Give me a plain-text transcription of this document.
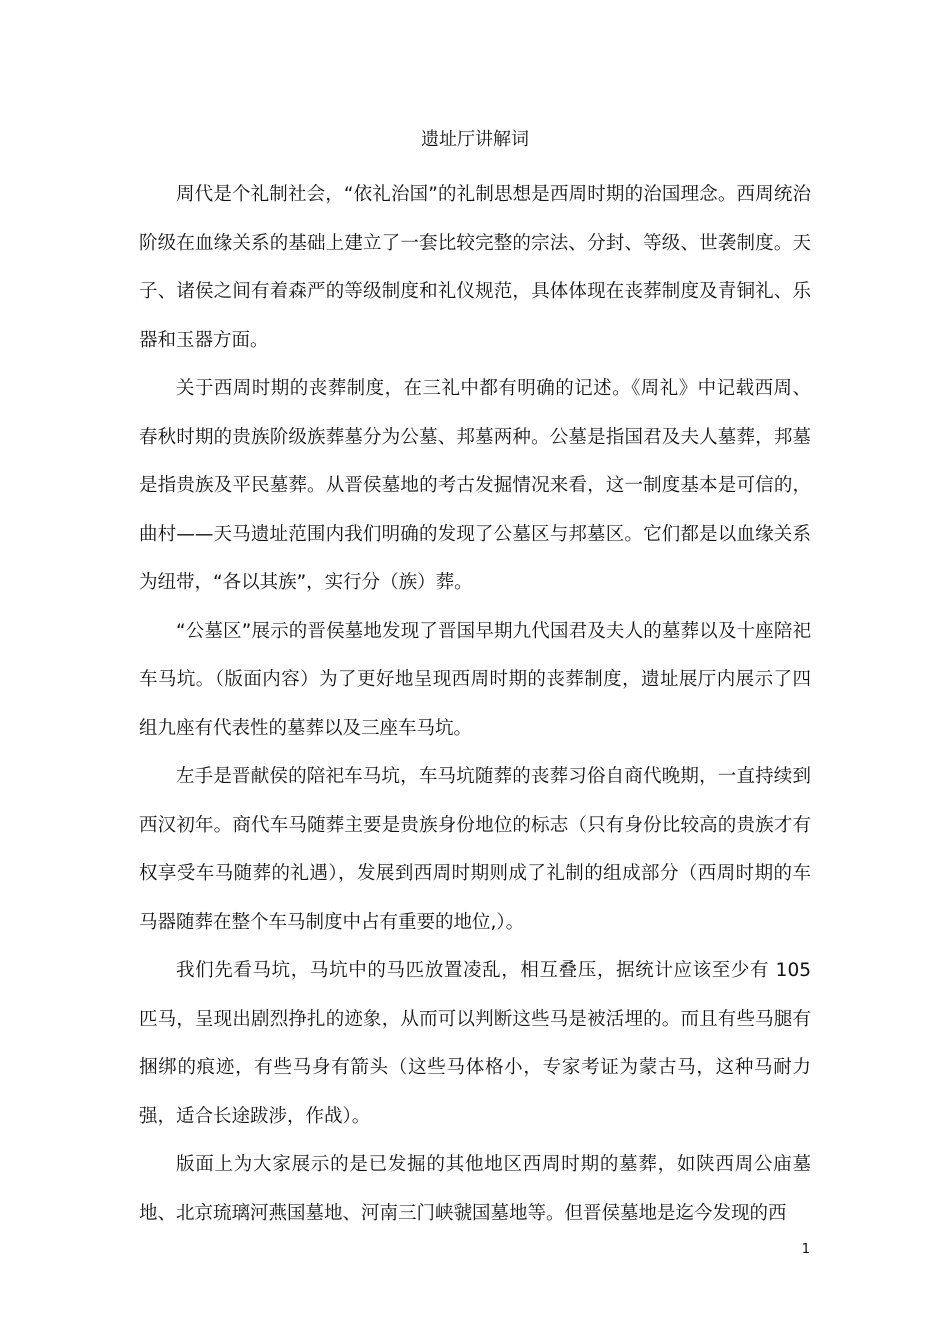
遗址厅讲解词

周代是个礼制社会，“依礼治国”的礼制思想是西周时期的治国理念。西周统治阶级在血缘关系的基础上建立了一套比较完整的宗法、分封、等级、世袭制度。天子、诸侯之间有着森严的等级制度和礼仪规范，具体体现在丧葬制度及青铜礼、乐器和玉器方面。

关于西周时期的丧葬制度，在三礼中都有明确的记述。《周礼》中记载西周、春秋时期的贵族阶级族葬墓分为公墓、邦墓两种。公墓是指国君及夫人墓葬，邦墓是指贵族及平民墓葬。从晋侯墓地的考古发掘情况来看，这一制度基本是可信的，曲村——天马遗址范围内我们明确的发现了公墓区与邦墓区。它们都是以血缘关系为纽带，“各以其族”，实行分（族）葬。

“公墓区”展示的晋侯墓地发现了晋国早期九代国君及夫人的墓葬以及十座陪祀车马坑。（版面内容）为了更好地呈现西周时期的丧葬制度，遗址展厅内展示了四组九座有代表性的墓葬以及三座车马坑。

左手是晋献侯的陪祀车马坑，车马坑随葬的丧葬习俗自商代晚期，一直持续到西汉初年。商代车马随葬主要是贵族身份地位的标志（只有身份比较高的贵族才有权享受车马随葬的礼遇），发展到西周时期则成了礼制的组成部分（西周时期的车马器随葬在整个车马制度中占有重要的地位,）。

我们先看马坑，马坑中的马匹放置凌乱，相互叠压，据统计应该至少有 105 匹马，呈现出剧烈挣扎的迹象，从而可以判断这些马是被活埋的。而且有些马腿有捆绑的痕迹，有些马身有箭头（这些马体格小，专家考证为蒙古马，这种马耐力强，适合长途跋涉，作战）。

版面上为大家展示的是已发掘的其他地区西周时期的墓葬，如陕西周公庙墓地、北京琉璃河燕国墓地、河南三门峡虢国墓地等。但晋侯墓地是迄今发现的西

1
